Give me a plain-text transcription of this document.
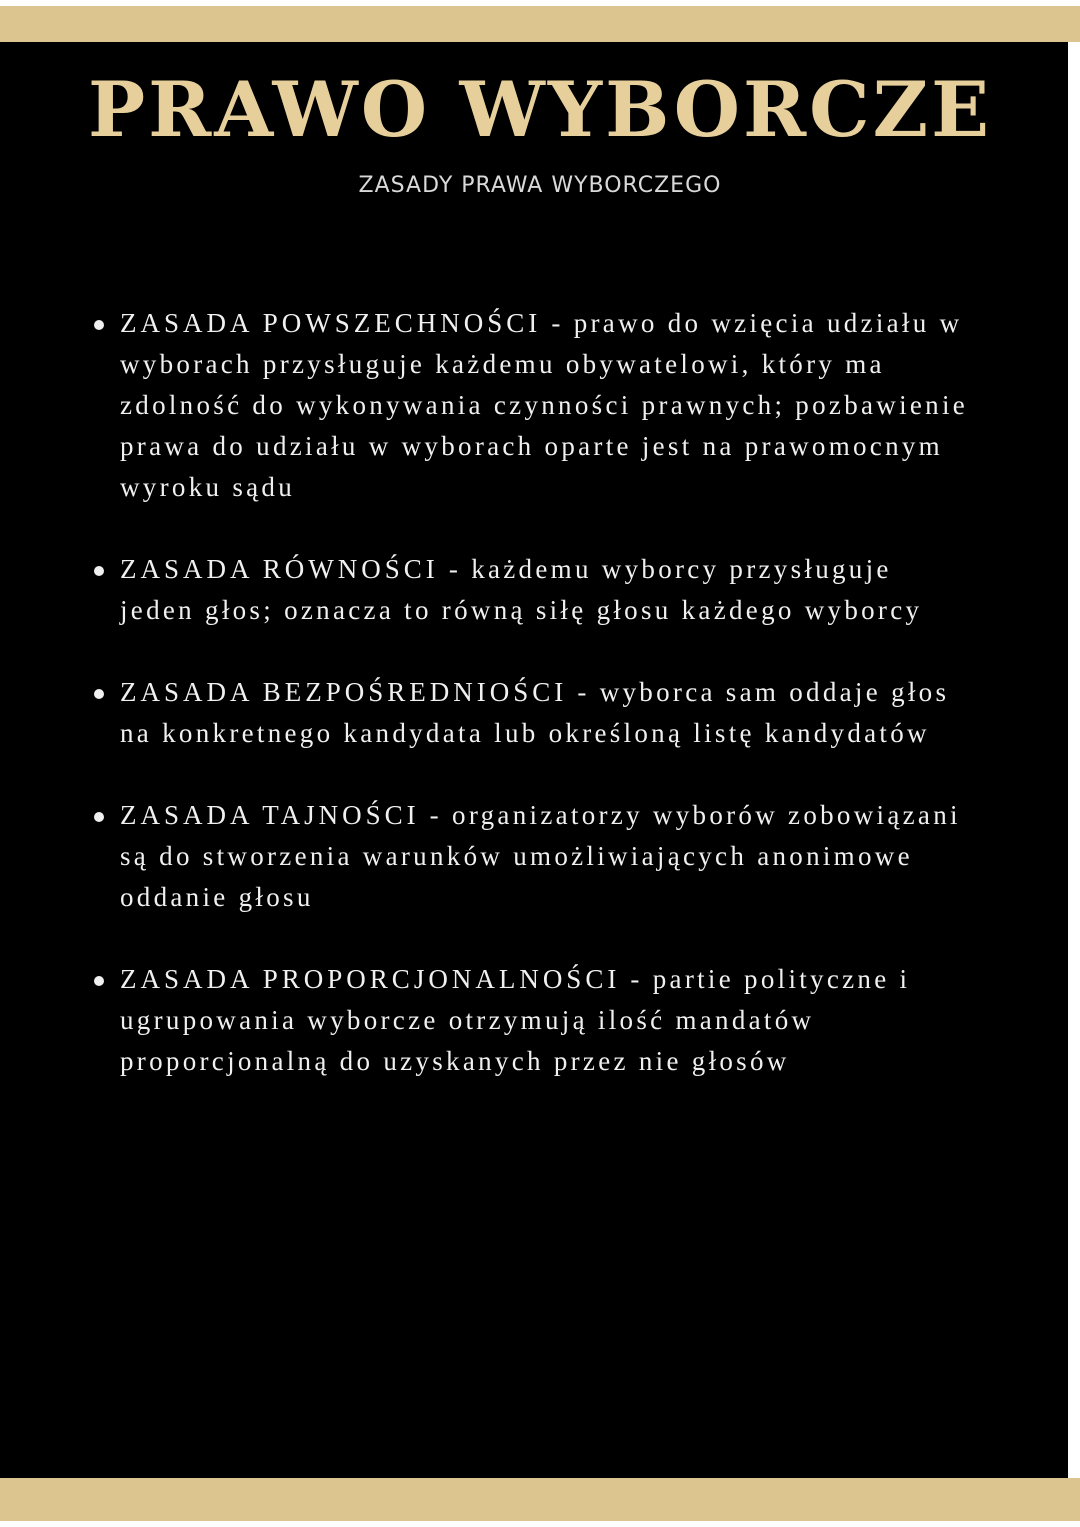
PRAWO WYBORCZE

ZASADY PRAWA WYBORCZEGO

ZASADA POWSZECHNOŚCI - prawo do wzięcia udziału w wyborach przysługuje każdemu obywatelowi, który ma zdolność do wykonywania czynności prawnych; pozbawienie prawa do udziału w wyborach oparte jest na prawomocnym wyroku sądu
ZASADA RÓWNOŚCI - każdemu wyborcy przysługuje jeden głos; oznacza to równą siłę głosu każdego wyborcy
ZASADA BEZPOŚREDNIOŚCI - wyborca sam oddaje głos na konkretnego kandydata lub określoną listę kandydatów
ZASADA TAJNOŚCI - organizatorzy wyborów zobowiązani są do stworzenia warunków umożliwiających anonimowe oddanie głosu
ZASADA PROPORCJONALNOŚCI - partie polityczne i ugrupowania wyborcze otrzymują ilość mandatów proporcjonalną do uzyskanych przez nie głosów
